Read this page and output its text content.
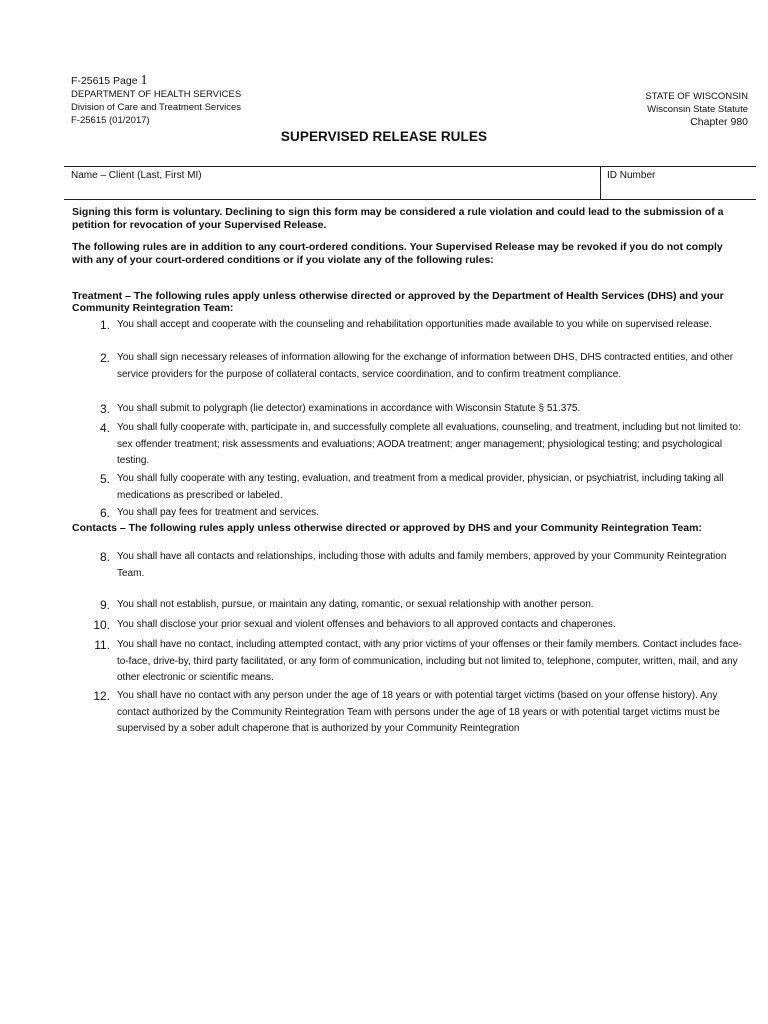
F-25615 Page 1
DEPARTMENT OF HEALTH SERVICES
Division of Care and Treatment Services
F-25615 (01/2017)
STATE OF WISCONSIN
Wisconsin State Statute
Chapter 980
SUPERVISED RELEASE RULES
Name – Client (Last, First MI)	ID Number
Signing this form is voluntary. Declining to sign this form may be considered a rule violation and could lead to the submission of a petition for revocation of your Supervised Release.
The following rules are in addition to any court-ordered conditions. Your Supervised Release may be revoked if you do not comply with any of your court-ordered conditions or if you violate any of the following rules:
Treatment – The following rules apply unless otherwise directed or approved by the Department of Health Services (DHS) and your Community Reintegration Team:
1. You shall accept and cooperate with the counseling and rehabilitation opportunities made available to you while on supervised release.
2. You shall sign necessary releases of information allowing for the exchange of information between DHS, DHS contracted entities, and other service providers for the purpose of collateral contacts, service coordination, and to confirm treatment compliance.
3. You shall submit to polygraph (lie detector) examinations in accordance with Wisconsin Statute § 51.375.
4. You shall fully cooperate with, participate in, and successfully complete all evaluations, counseling, and treatment, including but not limited to: sex offender treatment; risk assessments and evaluations; AODA treatment; anger management; physiological testing; and psychological testing.
5. You shall fully cooperate with any testing, evaluation, and treatment from a medical provider, physician, or psychiatrist, including taking all medications as prescribed or labeled.
6. You shall pay fees for treatment and services.
Contacts – The following rules apply unless otherwise directed or approved by DHS and your Community Reintegration Team:
8. You shall have all contacts and relationships, including those with adults and family members, approved by your Community Reintegration Team.
9. You shall not establish, pursue, or maintain any dating, romantic, or sexual relationship with another person.
10. You shall disclose your prior sexual and violent offenses and behaviors to all approved contacts and chaperones.
11. You shall have no contact, including attempted contact, with any prior victims of your offenses or their family members. Contact includes face-to-face, drive-by, third party facilitated, or any form of communication, including but not limited to, telephone, computer, written, mail, and any other electronic or scientific means.
12. You shall have no contact with any person under the age of 18 years or with potential target victims (based on your offense history). Any contact authorized by the Community Reintegration Team with persons under the age of 18 years or with potential target victims must be supervised by a sober adult chaperone that is authorized by your Community Reintegration
